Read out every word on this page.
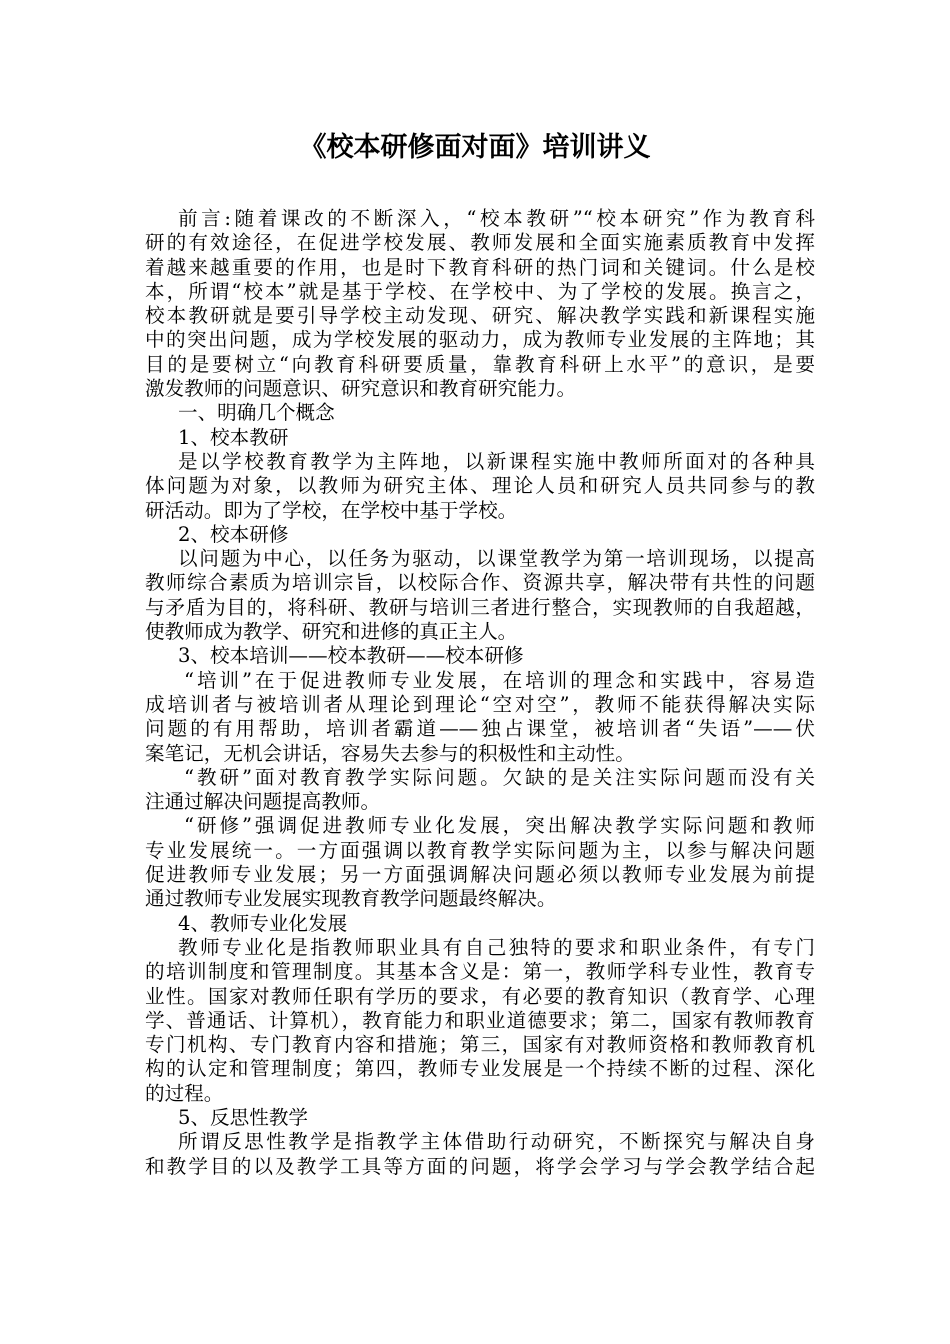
《校本研修面对面》培训讲义
前言:随着课改的不断深入，“校本教研”“校本研究”作为教育科
研的有效途径，在促进学校发展、教师发展和全面实施素质教育中发挥
着越来越重要的作用，也是时下教育科研的热门词和关键词。什么是校
本，所谓“校本”就是基于学校、在学校中、为了学校的发展。换言之，
校本教研就是要引导学校主动发现、研究、解决教学实践和新课程实施
中的突出问题，成为学校发展的驱动力，成为教师专业发展的主阵地；其
目的是要树立“向教育科研要质量，靠教育科研上水平”的意识，是要
激发教师的问题意识、研究意识和教育研究能力。
一、明确几个概念
1、校本教研
是以学校教育教学为主阵地，以新课程实施中教师所面对的各种具
体问题为对象，以教师为研究主体、理论人员和研究人员共同参与的教
研活动。即为了学校，在学校中基于学校。
2、校本研修
以问题为中心，以任务为驱动，以课堂教学为第一培训现场，以提高
教师综合素质为培训宗旨，以校际合作、资源共享，解决带有共性的问题
与矛盾为目的，将科研、教研与培训三者进行整合，实现教师的自我超越，
使教师成为教学、研究和进修的真正主人。
3、校本培训——校本教研——校本研修
“培训”在于促进教师专业发展，在培训的理念和实践中，容易造
成培训者与被培训者从理论到理论“空对空”，教师不能获得解决实际
问题的有用帮助，培训者霸道——独占课堂，被培训者“失语”——伏
案笔记，无机会讲话，容易失去参与的积极性和主动性。
“教研”面对教育教学实际问题。欠缺的是关注实际问题而没有关
注通过解决问题提高教师。
“研修”强调促进教师专业化发展，突出解决教学实际问题和教师
专业发展统一。一方面强调以教育教学实际问题为主，以参与解决问题
促进教师专业发展；另一方面强调解决问题必须以教师专业发展为前提
通过教师专业发展实现教育教学问题最终解决。
4、教师专业化发展
教师专业化是指教师职业具有自己独特的要求和职业条件，有专门
的培训制度和管理制度。其基本含义是：第一，教师学科专业性，教育专
业性。国家对教师任职有学历的要求，有必要的教育知识（教育学、心理
学、普通话、计算机），教育能力和职业道德要求；第二，国家有教师教育
专门机构、专门教育内容和措施；第三，国家有对教师资格和教师教育机
构的认定和管理制度；第四，教师专业发展是一个持续不断的过程、深化
的过程。
5、反思性教学
所谓反思性教学是指教学主体借助行动研究，不断探究与解决自身
和教学目的以及教学工具等方面的问题，将学会学习与学会教学结合起
